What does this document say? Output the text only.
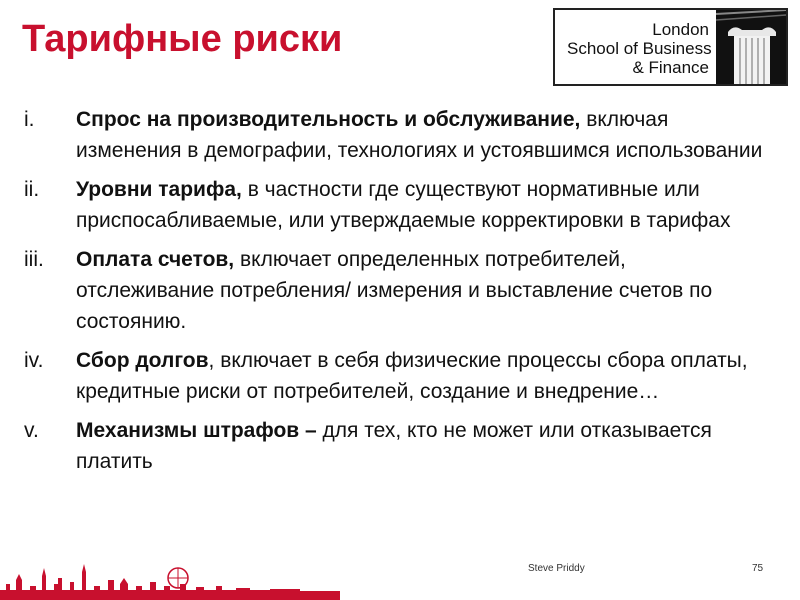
Тарифные риски	London
School of Business
& Finance
i.	Спрос на производительность и обслуживание, включая изменения в демографии, технологиях и устоявшимся использовании
ii.	Уровни тарифа, в частности где существуют нормативные или приспосабливаемые, или утверждаемые корректировки в тарифах
iii.	Оплата счетов, включает определенных потребителей, отслеживание потребления/ измерения и выставление счетов по состоянию.
iv.	Сбор долгов, включает в себя физические процессы сбора оплаты, кредитные риски от потребителей, создание и внедрение…
v.	Механизмы штрафов – для тех, кто не может или отказывается платить
Steve Priddy	75
